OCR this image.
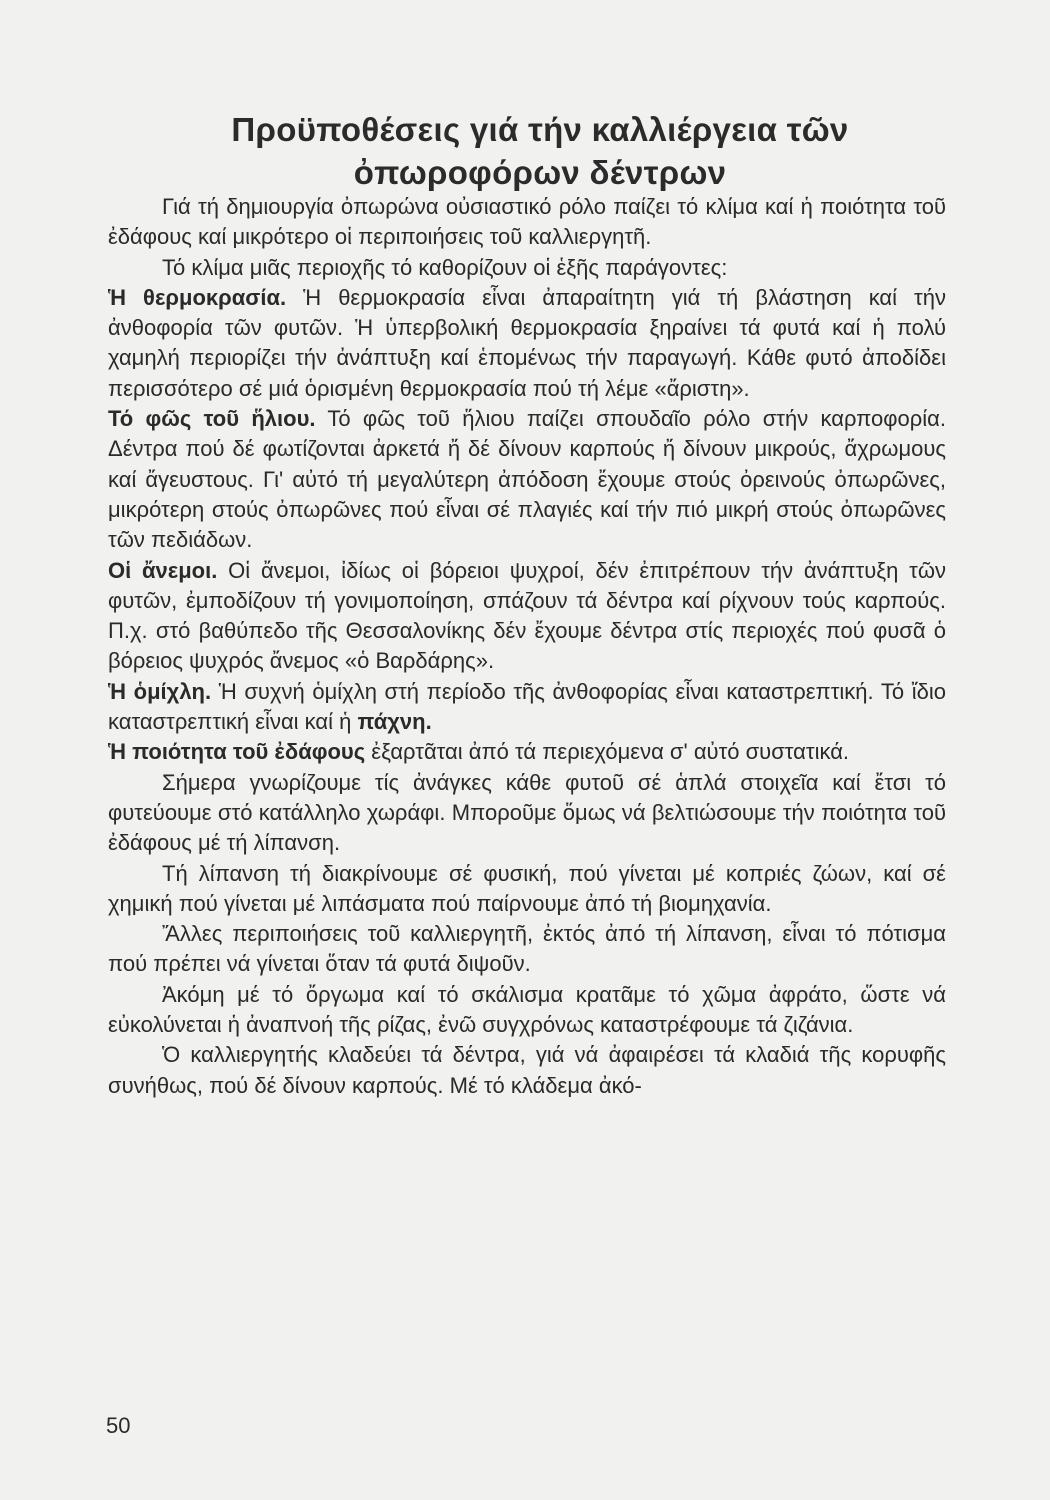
Προϋποθέσεις γιά τήν καλλιέργεια τῶν
ὀπωροφόρων δέντρων

Γιά τή δημιουργία ὀπωρώνα οὐσιαστικό ρόλο παίζει τό κλίμα καί ἡ ποιότητα τοῦ ἐδάφους καί μικρότερο οἱ περιποιήσεις τοῦ καλλιεργητῆ.

Τό κλίμα μιᾶς περιοχῆς τό καθορίζουν οἱ ἑξῆς παράγοντες:

Ἡ θερμοκρασία. Ἡ θερμοκρασία εἶναι ἀπαραίτητη γιά τή βλάστηση καί τήν ἀνθοφορία τῶν φυτῶν. Ἡ ὑπερβολική θερμοκρασία ξηραίνει τά φυτά καί ἡ πολύ χαμηλή περιορίζει τήν ἀνάπτυξη καί ἑπομένως τήν παραγωγή. Κάθε φυτό ἀποδίδει περισσότερο σέ μιά ὁρισμένη θερμοκρασία πού τή λέμε «ἄριστη».

Τό φῶς τοῦ ἥλιου. Τό φῶς τοῦ ἥλιου παίζει σπουδαῖο ρόλο στήν καρποφορία. Δέντρα πού δέ φωτίζονται ἀρκετά ἤ δέ δίνουν καρπούς ἤ δίνουν μικρούς, ἄχρωμους καί ἄγευστους. Γι' αὐτό τή μεγαλύτερη ἀπόδοση ἔχουμε στούς ὀρεινούς ὀπωρῶνες, μικρότερη στούς ὀπωρῶνες πού εἶναι σέ πλαγιές καί τήν πιό μικρή στούς ὀπωρῶνες τῶν πεδιάδων.

Οἱ ἄνεμοι. Οἱ ἄνεμοι, ἰδίως οἱ βόρειοι ψυχροί, δέν ἐπιτρέπουν τήν ἀνάπτυξη τῶν φυτῶν, ἐμποδίζουν τή γονιμοποίηση, σπάζουν τά δέντρα καί ρίχνουν τούς καρπούς. Π.χ. στό βαθύπεδο τῆς Θεσσαλονίκης δέν ἔχουμε δέντρα στίς περιοχές πού φυσᾶ ὁ βόρειος ψυχρός ἄνεμος «ὁ Βαρδάρης».

Ἡ ὁμίχλη. Ἡ συχνή ὁμίχλη στή περίοδο τῆς ἀνθοφορίας εἶναι καταστρεπτική. Τό ἴδιο καταστρεπτική εἶναι καί ἡ πάχνη.

Ἡ ποιότητα τοῦ ἐδάφους ἐξαρτᾶται ἀπό τά περιεχόμενα σ' αὐτό συστατικά.

Σήμερα γνωρίζουμε τίς ἀνάγκες κάθε φυτοῦ σέ ἁπλά στοιχεῖα καί ἔτσι τό φυτεύουμε στό κατάλληλο χωράφι. Μποροῦμε ὅμως νά βελτιώσουμε τήν ποιότητα τοῦ ἐδάφους μέ τή λίπανση.

Τή λίπανση τή διακρίνουμε σέ φυσική, πού γίνεται μέ κοπριές ζώων, καί σέ χημική πού γίνεται μέ λιπάσματα πού παίρνουμε ἀπό τή βιομηχανία.

Ἄλλες περιποιήσεις τοῦ καλλιεργητῆ, ἐκτός ἀπό τή λίπανση, εἶναι τό πότισμα πού πρέπει νά γίνεται ὅταν τά φυτά διψοῦν.

Ἀκόμη μέ τό ὄργωμα καί τό σκάλισμα κρατᾶμε τό χῶμα ἀφράτο, ὥστε νά εὐκολύνεται ἡ ἀναπνοή τῆς ρίζας, ἐνῶ συγχρόνως καταστρέφουμε τά ζιζάνια.

Ὁ καλλιεργητής κλαδεύει τά δέντρα, γιά νά ἀφαιρέσει τά κλαδιά τῆς κορυφῆς συνήθως, πού δέ δίνουν καρπούς. Μέ τό κλάδεμα ἀκό-

50
